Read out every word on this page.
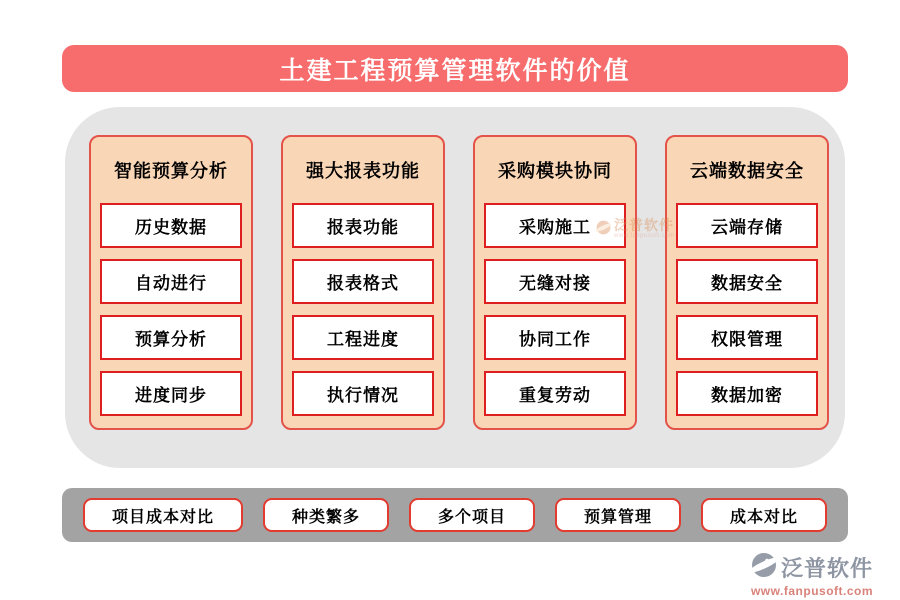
土建工程预算管理软件的价值
智能预算分析
历史数据
自动进行
预算分析
进度同步
强大报表功能
报表功能
报表格式
工程进度
执行情况
采购模块协同
采购施工
无缝对接
协同工作
重复劳动
云端数据安全
云端存储
数据安全
权限管理
数据加密
泛普软件
www.fanpusoft.com
项目成本对比	种类繁多	多个项目	预算管理	成本对比
泛普软件
www.fanpusoft.com
